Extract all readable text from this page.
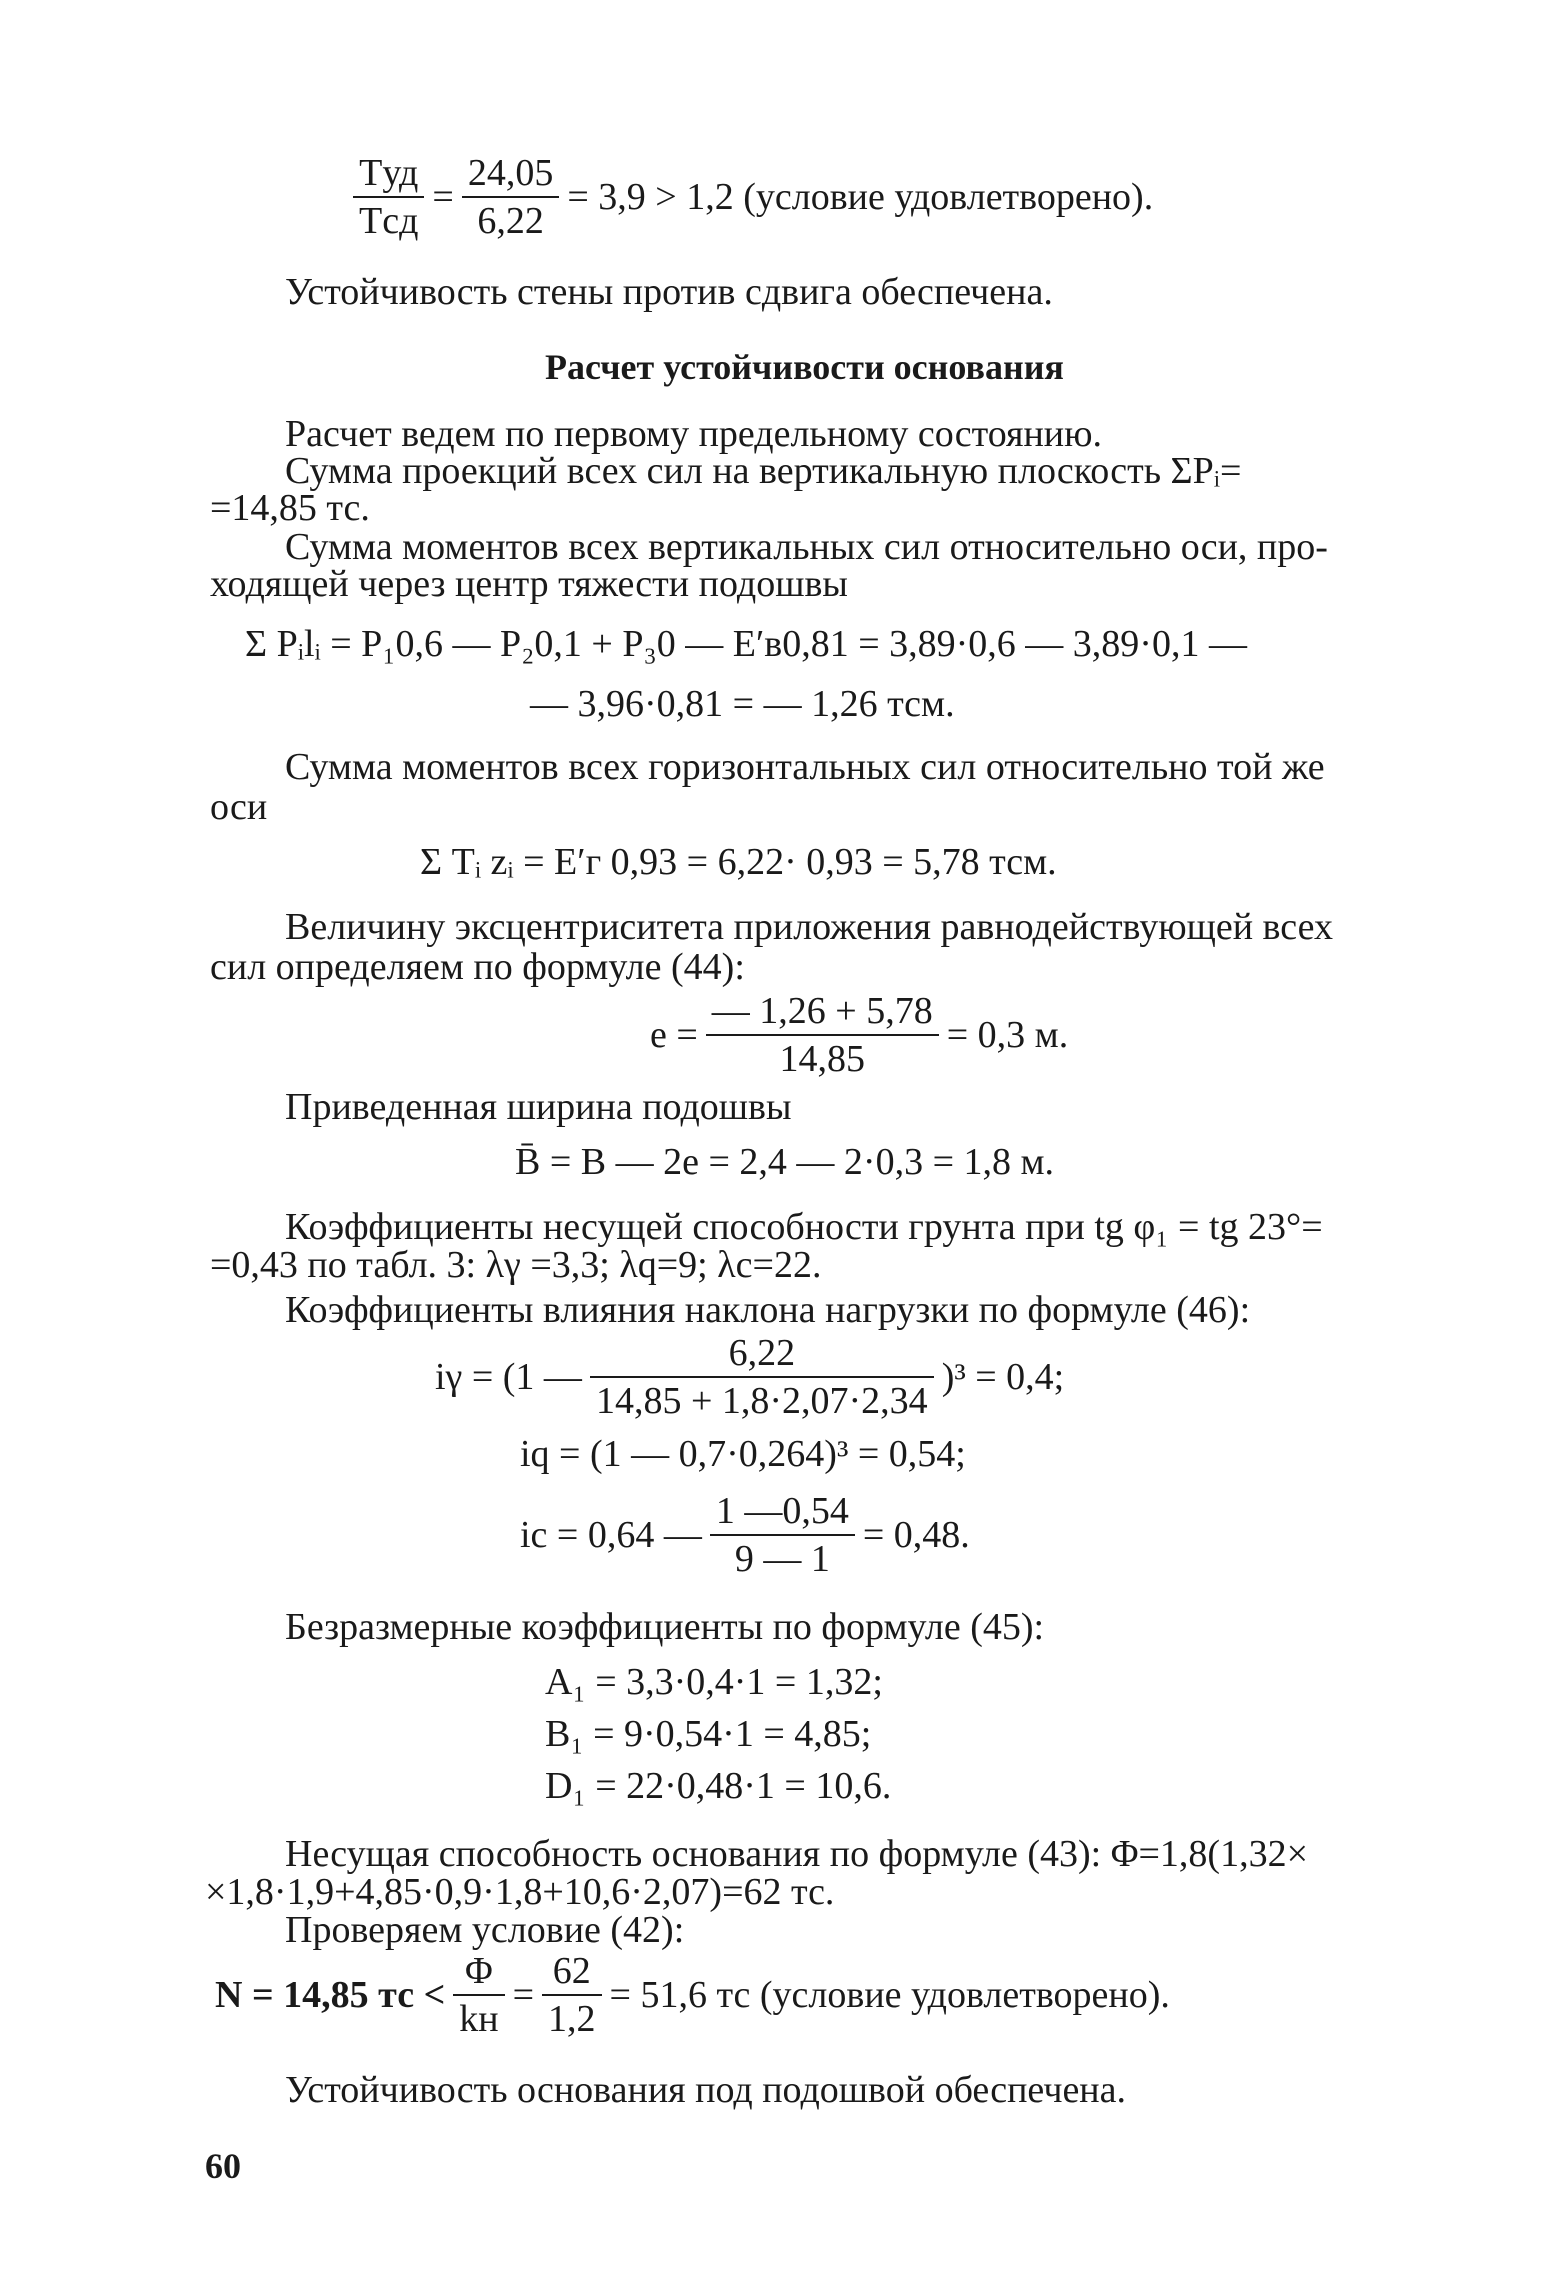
$\frac{\text{Tуд}}{\text{Tсд}} = \frac{24,05}{6,22} = 3,9 > 1,2$ (условие удовлетворено).
Устойчивость стены против сдвига обеспечена.
Расчет устойчивости основания
Расчет ведем по первому предельному состоянию.
Сумма проекций всех сил на вертикальную плоскость ΣPᵢ=
=14,85 тс.
Сумма моментов всех вертикальных сил относительно оси, про-
ходящей через центр тяжести подошвы
Σ Pᵢlᵢ = P₁0,6 — P₂0,1 + P₃0 — E′в0,81 = 3,89·0,6 — 3,89·0,1 —
— 3,96·0,81 = — 1,26 тсм.
Сумма моментов всех горизонтальных сил относительно той же
оси
Σ Tᵢ zᵢ = E′г 0,93 = 6,22· 0,93 = 5,78 тсм.
Величину эксцентриситета приложения равнодействующей всех
сил определяем по формуле (44):
$e = \frac{— 1,26 + 5,78}{14,85} = 0,3$ м.
Приведенная ширина подошвы
B̄ = B — 2e = 2,4 — 2·0,3 = 1,8 м.
Коэффициенты несущей способности грунта при tg φ₁ = tg 23°=
=0,43 по табл. 3: λγ =3,3; λq=9; λc=22.
Коэффициенты влияния наклона нагрузки по формуле (46):
iγ = (1 — $\frac{6,22}{14,85 + 1,8\cdot 2,07\cdot 2,34} )^3 = 0,4$;
iq = (1 — 0,7·0,264)³ = 0,54;
ic = 0,64 — $\frac{1 —0,54}{9 — 1} = 0,48$.
Безразмерные коэффициенты по формуле (45):
A₁ = 3,3·0,4·1 = 1,32;
B₁ = 9·0,54·1 = 4,85;
D₁ = 22·0,48·1 = 10,6.
Несущая способность основания по формуле (43): Φ=1,8(1,32×
×1,8·1,9+4,85·0,9·1,8+10,6·2,07)=62 тс.
Проверяем условие (42):
N = 14,85 тс < $\frac{\Phi}{kн} = \frac{62}{1,2} = 51,6$ тс (условие удовлетворено).
Устойчивость основания под подошвой обеспечена.
60
